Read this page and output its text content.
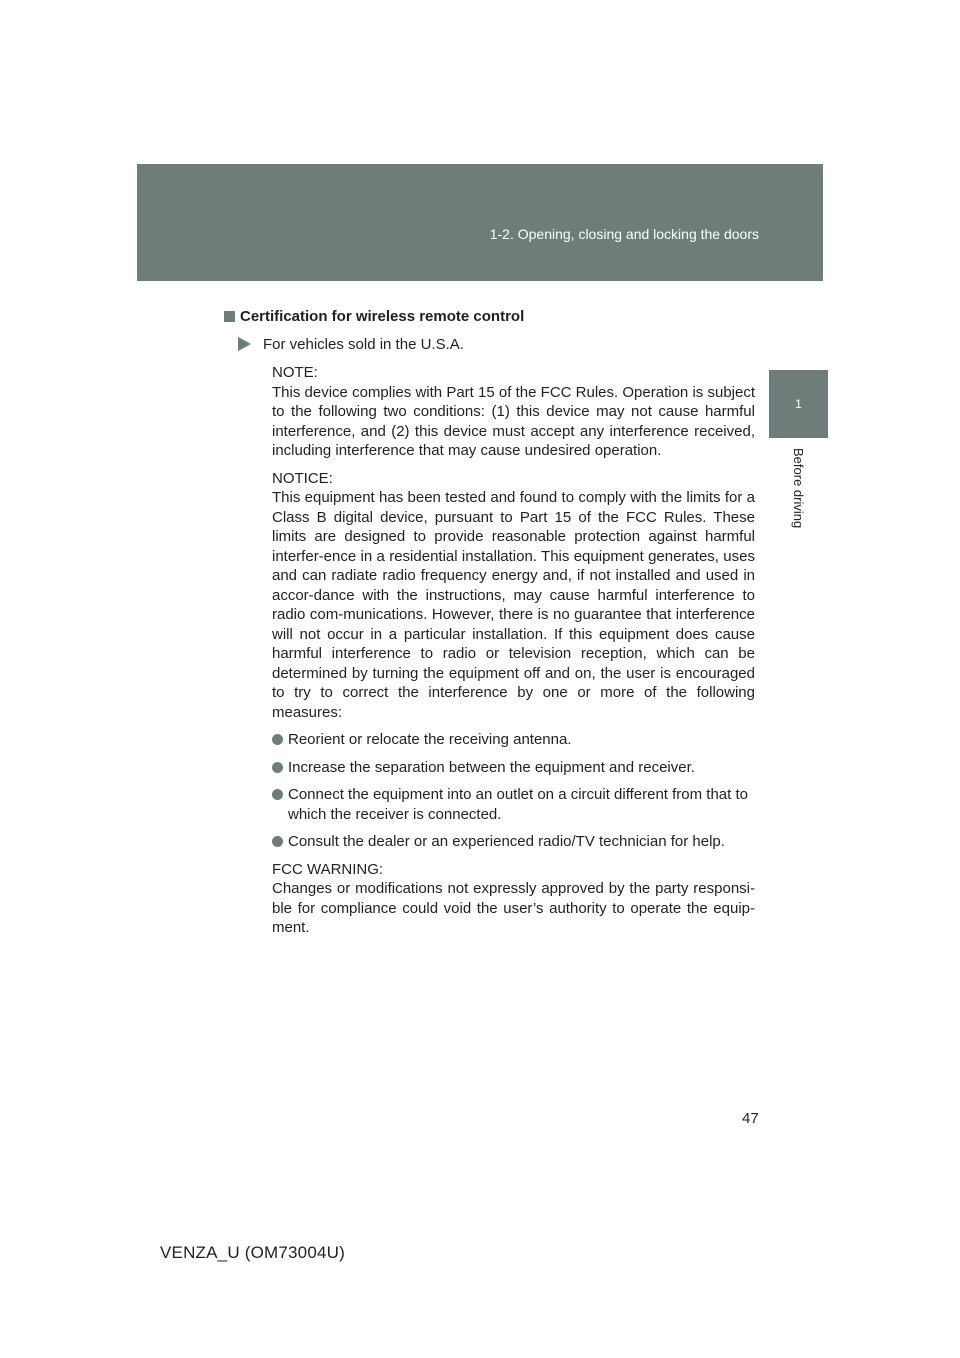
1-2. Opening, closing and locking the doors
1
Before driving
Certification for wireless remote control
For vehicles sold in the U.S.A.

NOTE:
This device complies with Part 15 of the FCC Rules. Operation is subject to the following two conditions: (1) this device may not cause harmful interference, and (2) this device must accept any interference received, including interference that may cause undesired operation.

NOTICE:
This equipment has been tested and found to comply with the limits for a Class B digital device, pursuant to Part 15 of the FCC Rules. These limits are designed to provide reasonable protection against harmful interfer-ence in a residential installation. This equipment generates, uses and can radiate radio frequency energy and, if not installed and used in accor-dance with the instructions, may cause harmful interference to radio com-munications. However, there is no guarantee that interference will not occur in a particular installation. If this equipment does cause harmful interference to radio or television reception, which can be determined by turning the equipment off and on, the user is encouraged to try to correct the interference by one or more of the following measures:

Reorient or relocate the receiving antenna.
Increase the separation between the equipment and receiver.
Connect the equipment into an outlet on a circuit different from that to which the receiver is connected.
Consult the dealer or an experienced radio/TV technician for help.

FCC WARNING:
Changes or modifications not expressly approved by the party responsi-ble for compliance could void the user’s authority to operate the equip-ment.

47
VENZA_U (OM73004U)
